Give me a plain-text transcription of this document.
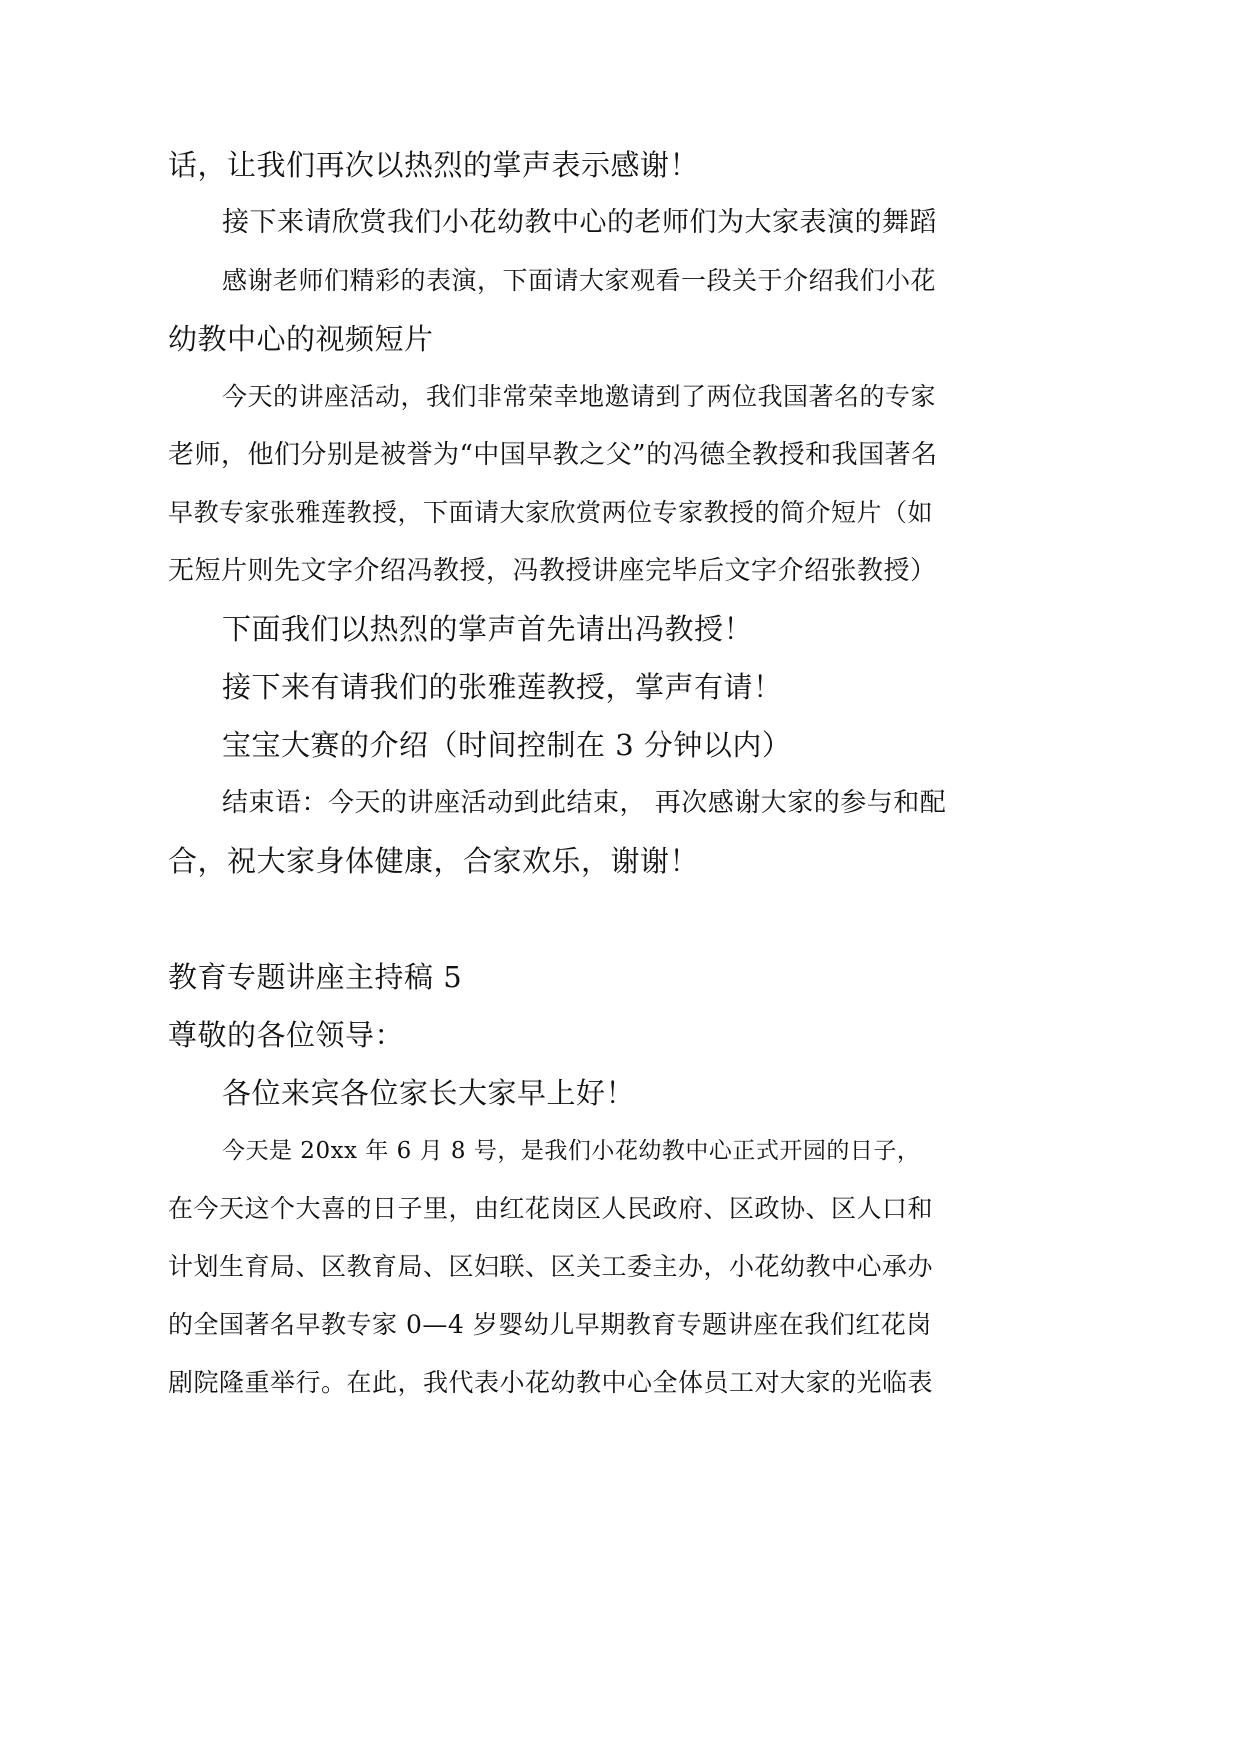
话，让我们再次以热烈的掌声表示感谢！

接下来请欣赏我们小花幼教中心的老师们为大家表演的舞蹈

感谢老师们精彩的表演，下面请大家观看一段关于介绍我们小花

幼教中心的视频短片

今天的讲座活动，我们非常荣幸地邀请到了两位我国著名的专家

老师，他们分别是被誉为“中国早教之父”的冯德全教授和我国著名

早教专家张雅莲教授，下面请大家欣赏两位专家教授的简介短片（如

无短片则先文字介绍冯教授，冯教授讲座完毕后文字介绍张教授）

下面我们以热烈的掌声首先请出冯教授！

接下来有请我们的张雅莲教授，掌声有请！

宝宝大赛的介绍（时间控制在 3 分钟以内）

结束语：今天的讲座活动到此结束， 再次感谢大家的参与和配

合，祝大家身体健康，合家欢乐，谢谢！

教育专题讲座主持稿 5

尊敬的各位领导：

各位来宾各位家长大家早上好！

今天是 20xx 年 6 月 8 号，是我们小花幼教中心正式开园的日子，

在今天这个大喜的日子里，由红花岗区人民政府、区政协、区人口和

计划生育局、区教育局、区妇联、区关工委主办，小花幼教中心承办

的全国著名早教专家 0—4 岁婴幼儿早期教育专题讲座在我们红花岗

剧院隆重举行。在此，我代表小花幼教中心全体员工对大家的光临表
